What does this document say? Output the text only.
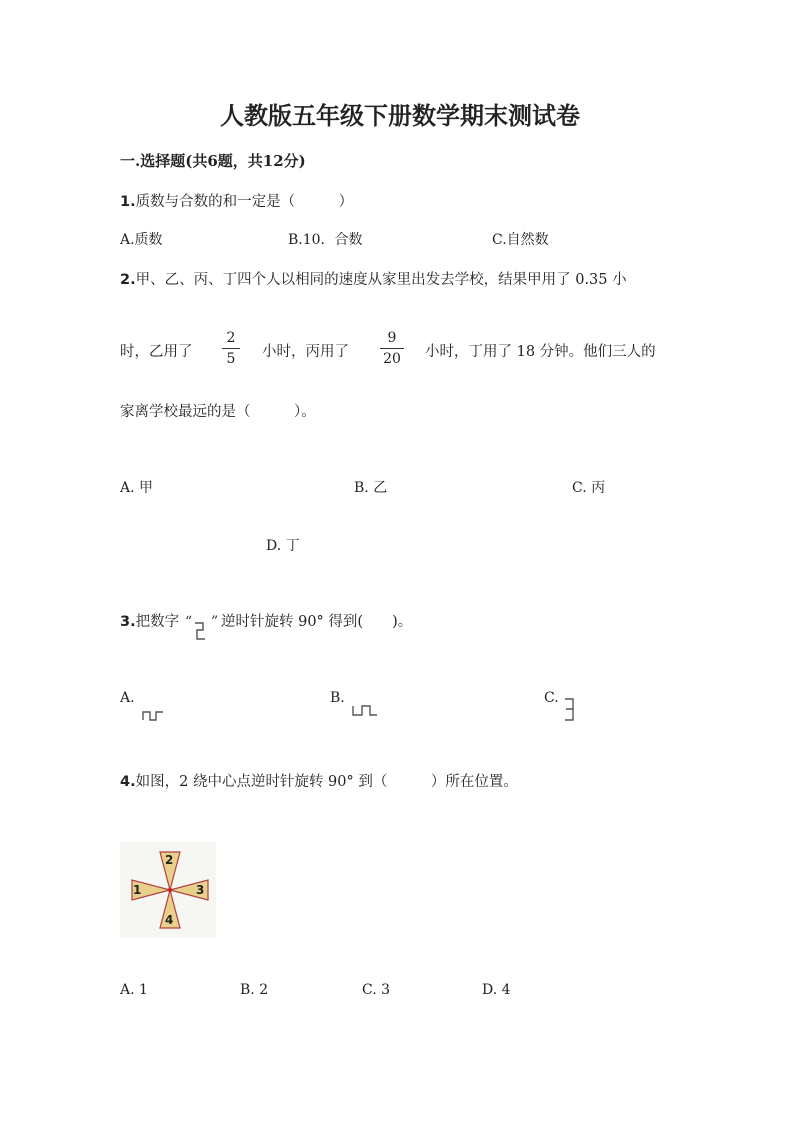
人教版五年级下册数学期末测试卷
一.选择题(共6题，共12分)
1.质数与合数的和一定是（　　　）
A.质数	B.10．合数	C.自然数
2.甲、乙、丙、丁四个人以相同的速度从家里出发去学校，结果甲用了 0.35 小
时，乙用了
2
5	小时，丙用了
9
20 小时，丁用了 18 分钟。他们三人的
家离学校最远的是（　　　）。
A. 甲	B. 乙	C. 丙
D. 丁
3.把数字 “ ” 逆时针旋转 90° 得到(　　)。
A.	B.	C.
4.如图，2 绕中心点逆时针旋转 90° 到（　　　）所在位置。
2
1	3
4
A. 1	B. 2	C. 3	D. 4
